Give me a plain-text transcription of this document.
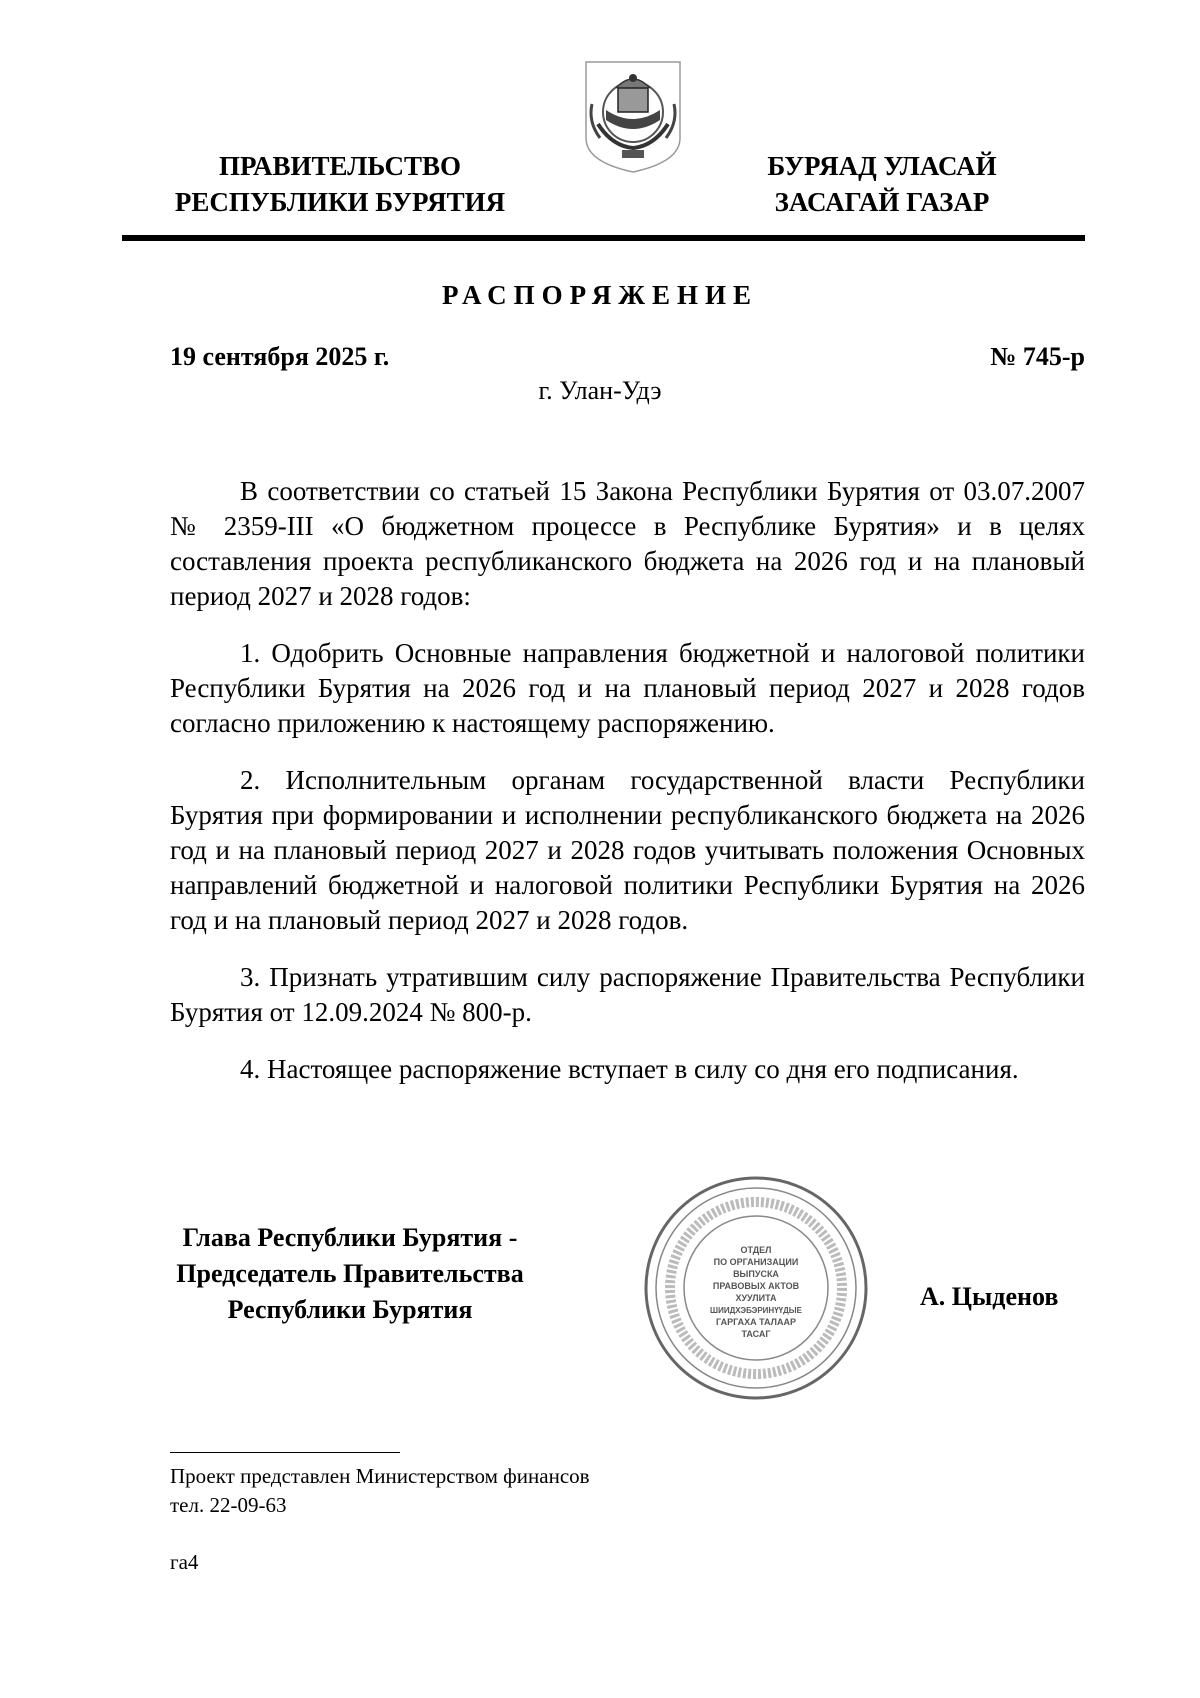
ПРАВИТЕЛЬСТВО
РЕСПУБЛИКИ БУРЯТИЯ
БУРЯАД УЛАСАЙ
ЗАСАГАЙ ГАЗАР
РАСПОРЯЖЕНИЕ
19 сентября 2025 г.	№ 745-р
г. Улан-Удэ

В соответствии со статьей 15 Закона Республики Бурятия от 03.07.2007 № 2359-III «О бюджетном процессе в Республике Бурятия» и в целях составления проекта республиканского бюджета на 2026 год и на плановый период 2027 и 2028 годов:

1. Одобрить Основные направления бюджетной и налоговой политики Республики Бурятия на 2026 год и на плановый период 2027 и 2028 годов согласно приложению к настоящему распоряжению.

2. Исполнительным органам государственной власти Республики Бурятия при формировании и исполнении республиканского бюджета на 2026 год и на плановый период 2027 и 2028 годов учитывать положения Основных направлений бюджетной и налоговой политики Республики Бурятия на 2026 год и на плановый период 2027 и 2028 годов.

3. Признать утратившим силу распоряжение Правительства Республики Бурятия от 12.09.2024 № 800-р.

4. Настоящее распоряжение вступает в силу со дня его подписания.

Глава Республики Бурятия -
Председатель Правительства
Республики Бурятия
ОТДЕЛ
ПО ОРГАНИЗАЦИИ
ВЫПУСКА
ПРАВОВЫХ АКТОВ
ХУУЛИТА
ШИИДХЭБЭРИНҮҮДЫЕ
ГАРГАХА ТАЛААР
ТАСАГ
А. Цыденов
Проект представлен Министерством финансов
тел. 22-09-63
га4
